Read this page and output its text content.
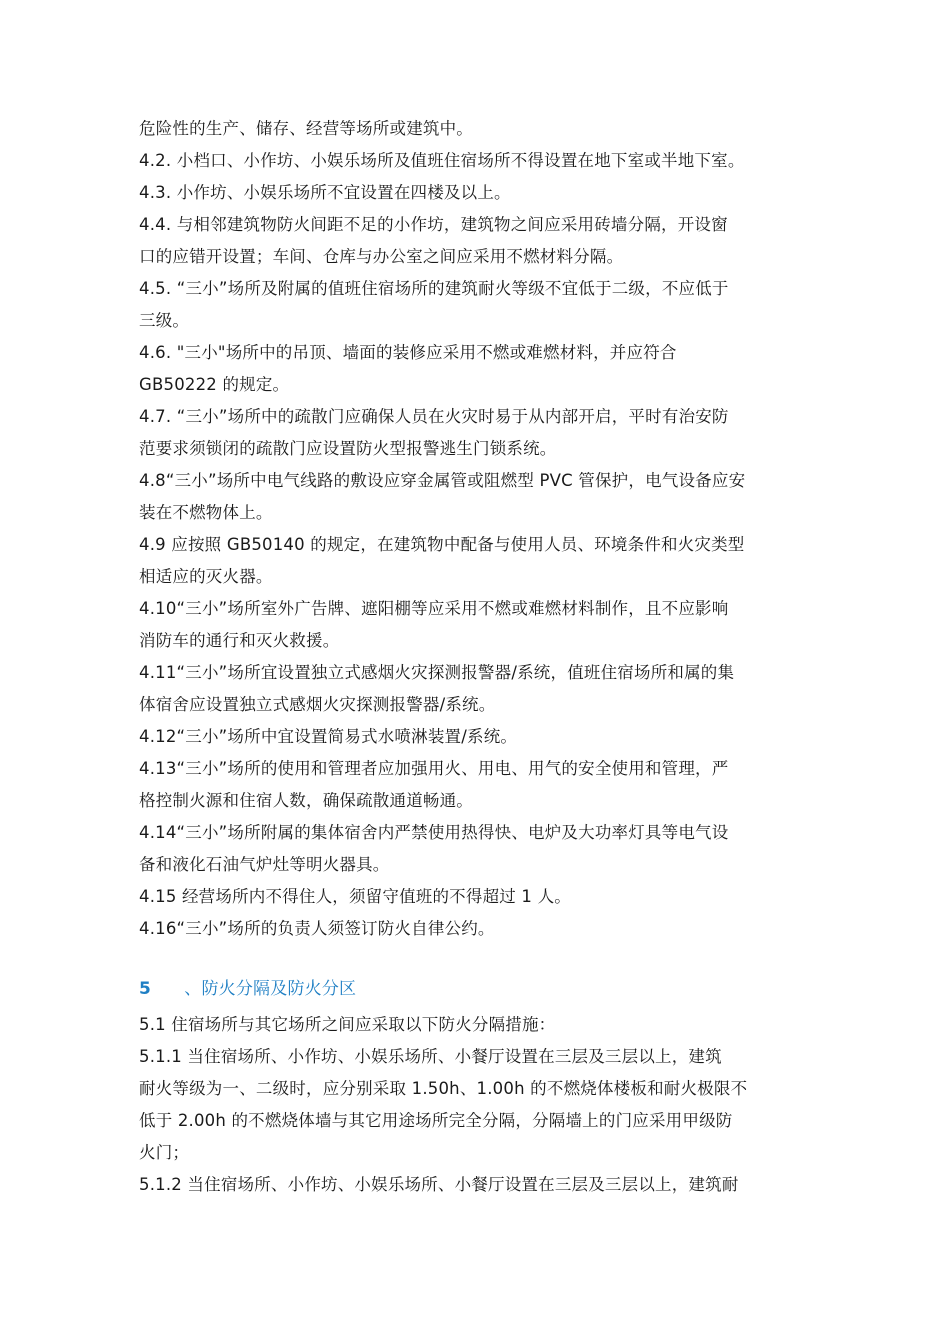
危险性的生产、储存、经营等场所或建筑中。
4.2. 小档口、小作坊、小娱乐场所及值班住宿场所不得设置在地下室或半地下室。
4.3. 小作坊、小娱乐场所不宜设置在四楼及以上。
4.4. 与相邻建筑物防火间距不足的小作坊，建筑物之间应采用砖墙分隔，开设窗
口的应错开设置；车间、仓库与办公室之间应采用不燃材料分隔。
4.5. “三小”场所及附属的值班住宿场所的建筑耐火等级不宜低于二级，不应低于
三级。
4.6. "三小"场所中的吊顶、墙面的装修应采用不燃或难燃材料，并应符合
GB50222 的规定。
4.7. “三小”场所中的疏散门应确保人员在火灾时易于从内部开启，平时有治安防
范要求须锁闭的疏散门应设置防火型报警逃生门锁系统。
4.8“三小”场所中电气线路的敷设应穿金属管或阻燃型 PVC 管保护，电气设备应安
装在不燃物体上。
4.9 应按照 GB50140 的规定，在建筑物中配备与使用人员、环境条件和火灾类型
相适应的灭火器。
4.10“三小”场所室外广告牌、遮阳棚等应采用不燃或难燃材料制作，且不应影响
消防车的通行和灭火救援。
4.11“三小”场所宜设置独立式感烟火灾探测报警器/系统，值班住宿场所和属的集
体宿舍应设置独立式感烟火灾探测报警器/系统。
4.12“三小”场所中宜设置简易式水喷淋装置/系统。
4.13“三小”场所的使用和管理者应加强用火、用电、用气的安全使用和管理，严
格控制火源和住宿人数，确保疏散通道畅通。
4.14“三小”场所附属的集体宿舍内严禁使用热得快、电炉及大功率灯具等电气设
备和液化石油气炉灶等明火器具。
4.15 经营场所内不得住人，须留守值班的不得超过 1 人。
4.16“三小”场所的负责人须签订防火自律公约。
5 、防火分隔及防火分区
5.1 住宿场所与其它场所之间应采取以下防火分隔措施：
5.1.1 当住宿场所、小作坊、小娱乐场所、小餐厅设置在三层及三层以上，建筑
耐火等级为一、二级时，应分别采取 1.50h、1.00h 的不燃烧体楼板和耐火极限不
低于 2.00h 的不燃烧体墙与其它用途场所完全分隔，分隔墙上的门应采用甲级防
火门；
5.1.2 当住宿场所、小作坊、小娱乐场所、小餐厅设置在三层及三层以上，建筑耐
